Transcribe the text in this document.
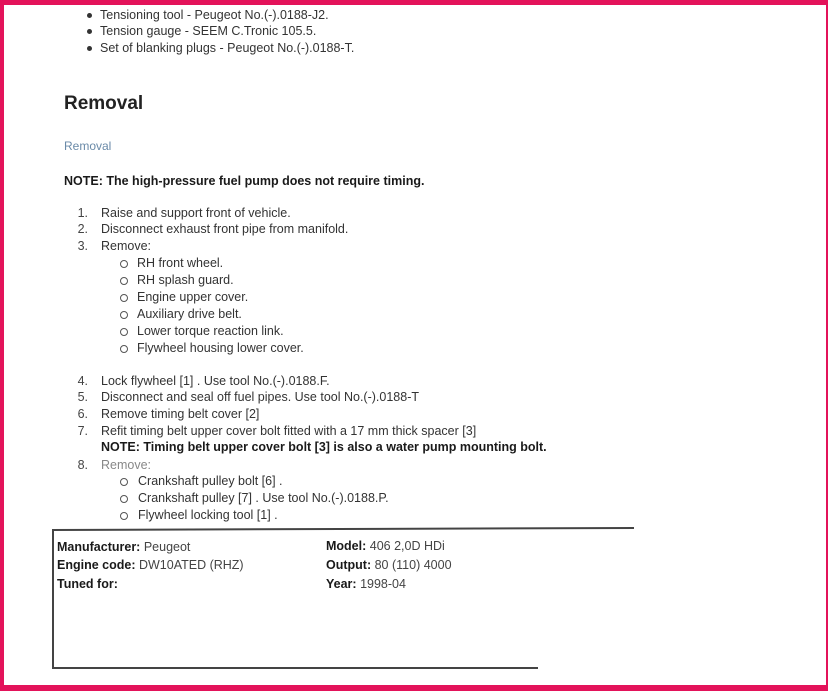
Tensioning tool - Peugeot No.(-).0188-J2.
Tension gauge - SEEM C.Tronic 105.5.
Set of blanking plugs - Peugeot No.(-).0188-T.
Removal
Removal
NOTE: The high-pressure fuel pump does not require timing.
1. Raise and support front of vehicle.
2. Disconnect exhaust front pipe from manifold.
3. Remove:
RH front wheel.
RH splash guard.
Engine upper cover.
Auxiliary drive belt.
Lower torque reaction link.
Flywheel housing lower cover.
4. Lock flywheel [1] . Use tool No.(-).0188.F.
5. Disconnect and seal off fuel pipes. Use tool No.(-).0188-T
6. Remove timing belt cover [2]
7. Refit timing belt upper cover bolt fitted with a 17 mm thick spacer [3]
NOTE: Timing belt upper cover bolt [3] is also a water pump mounting bolt.
8. Remove:
Crankshaft pulley bolt [6] .
Crankshaft pulley [7] . Use tool No.(-).0188.P.
Flywheel locking tool [1] .
Manufacturer: Peugeot
Engine code: DW10ATED (RHZ)
Tuned for:
Model: 406 2,0D HDi
Output: 80 (110) 4000
Year: 1998-04
